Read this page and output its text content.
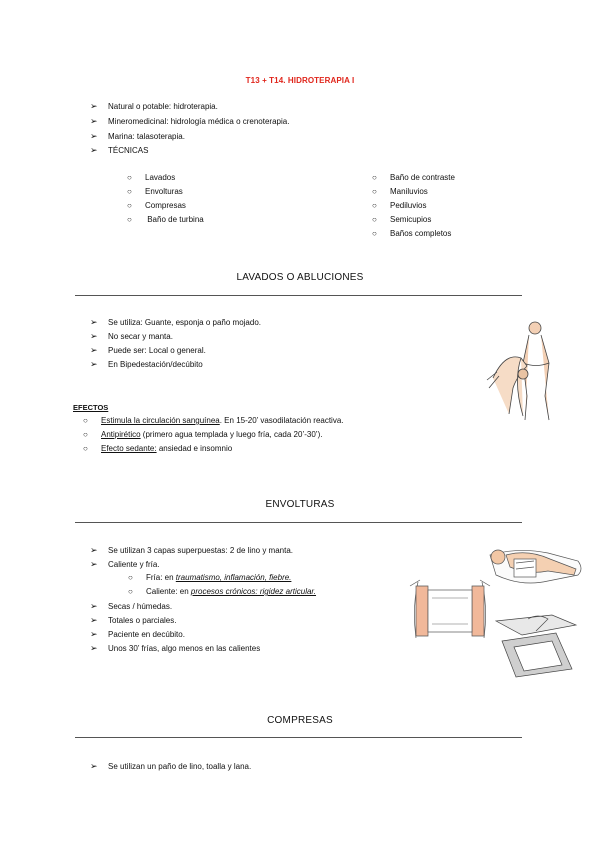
T13 + T14. HIDROTERAPIA I
➢ Natural o potable: hidroterapia.
➢ Mineromedicinal: hidrología médica o crenoterapia.
➢ Marina: talasoterapia.
➢ TÉCNICAS
○ Lavados
○ Envolturas
○ Compresas
○ Baño de turbina
○ Baño de contraste
○ Maniluvios
○ Pediluvios
○ Semicupios
○ Baños completos
LAVADOS O ABLUCIONES
➢ Se utiliza: Guante, esponja o paño mojado.
➢ No secar y manta.
➢ Puede ser: Local o general.
➢ En Bipedestación/decúbito
EFECTOS
○ Estimula la circulación sanguínea. En 15-20’ vasodilatación reactiva.
○ Antipirético (primero agua templada y luego fría, cada 20’-30’).
○ Efecto sedante: ansiedad e insomnio
ENVOLTURAS
➢ Se utilizan 3 capas superpuestas: 2 de lino y manta.
➢ Caliente y fría.
○ Fría: en traumatismo, inflamación, fiebre.
○ Caliente: en procesos crónicos: rigidez articular.
➢ Secas / húmedas.
➢ Totales o parciales.
➢ Paciente en decúbito.
➢ Unos 30’ frías, algo menos en las calientes
COMPRESAS
➢ Se utilizan un paño de lino, toalla y lana.
